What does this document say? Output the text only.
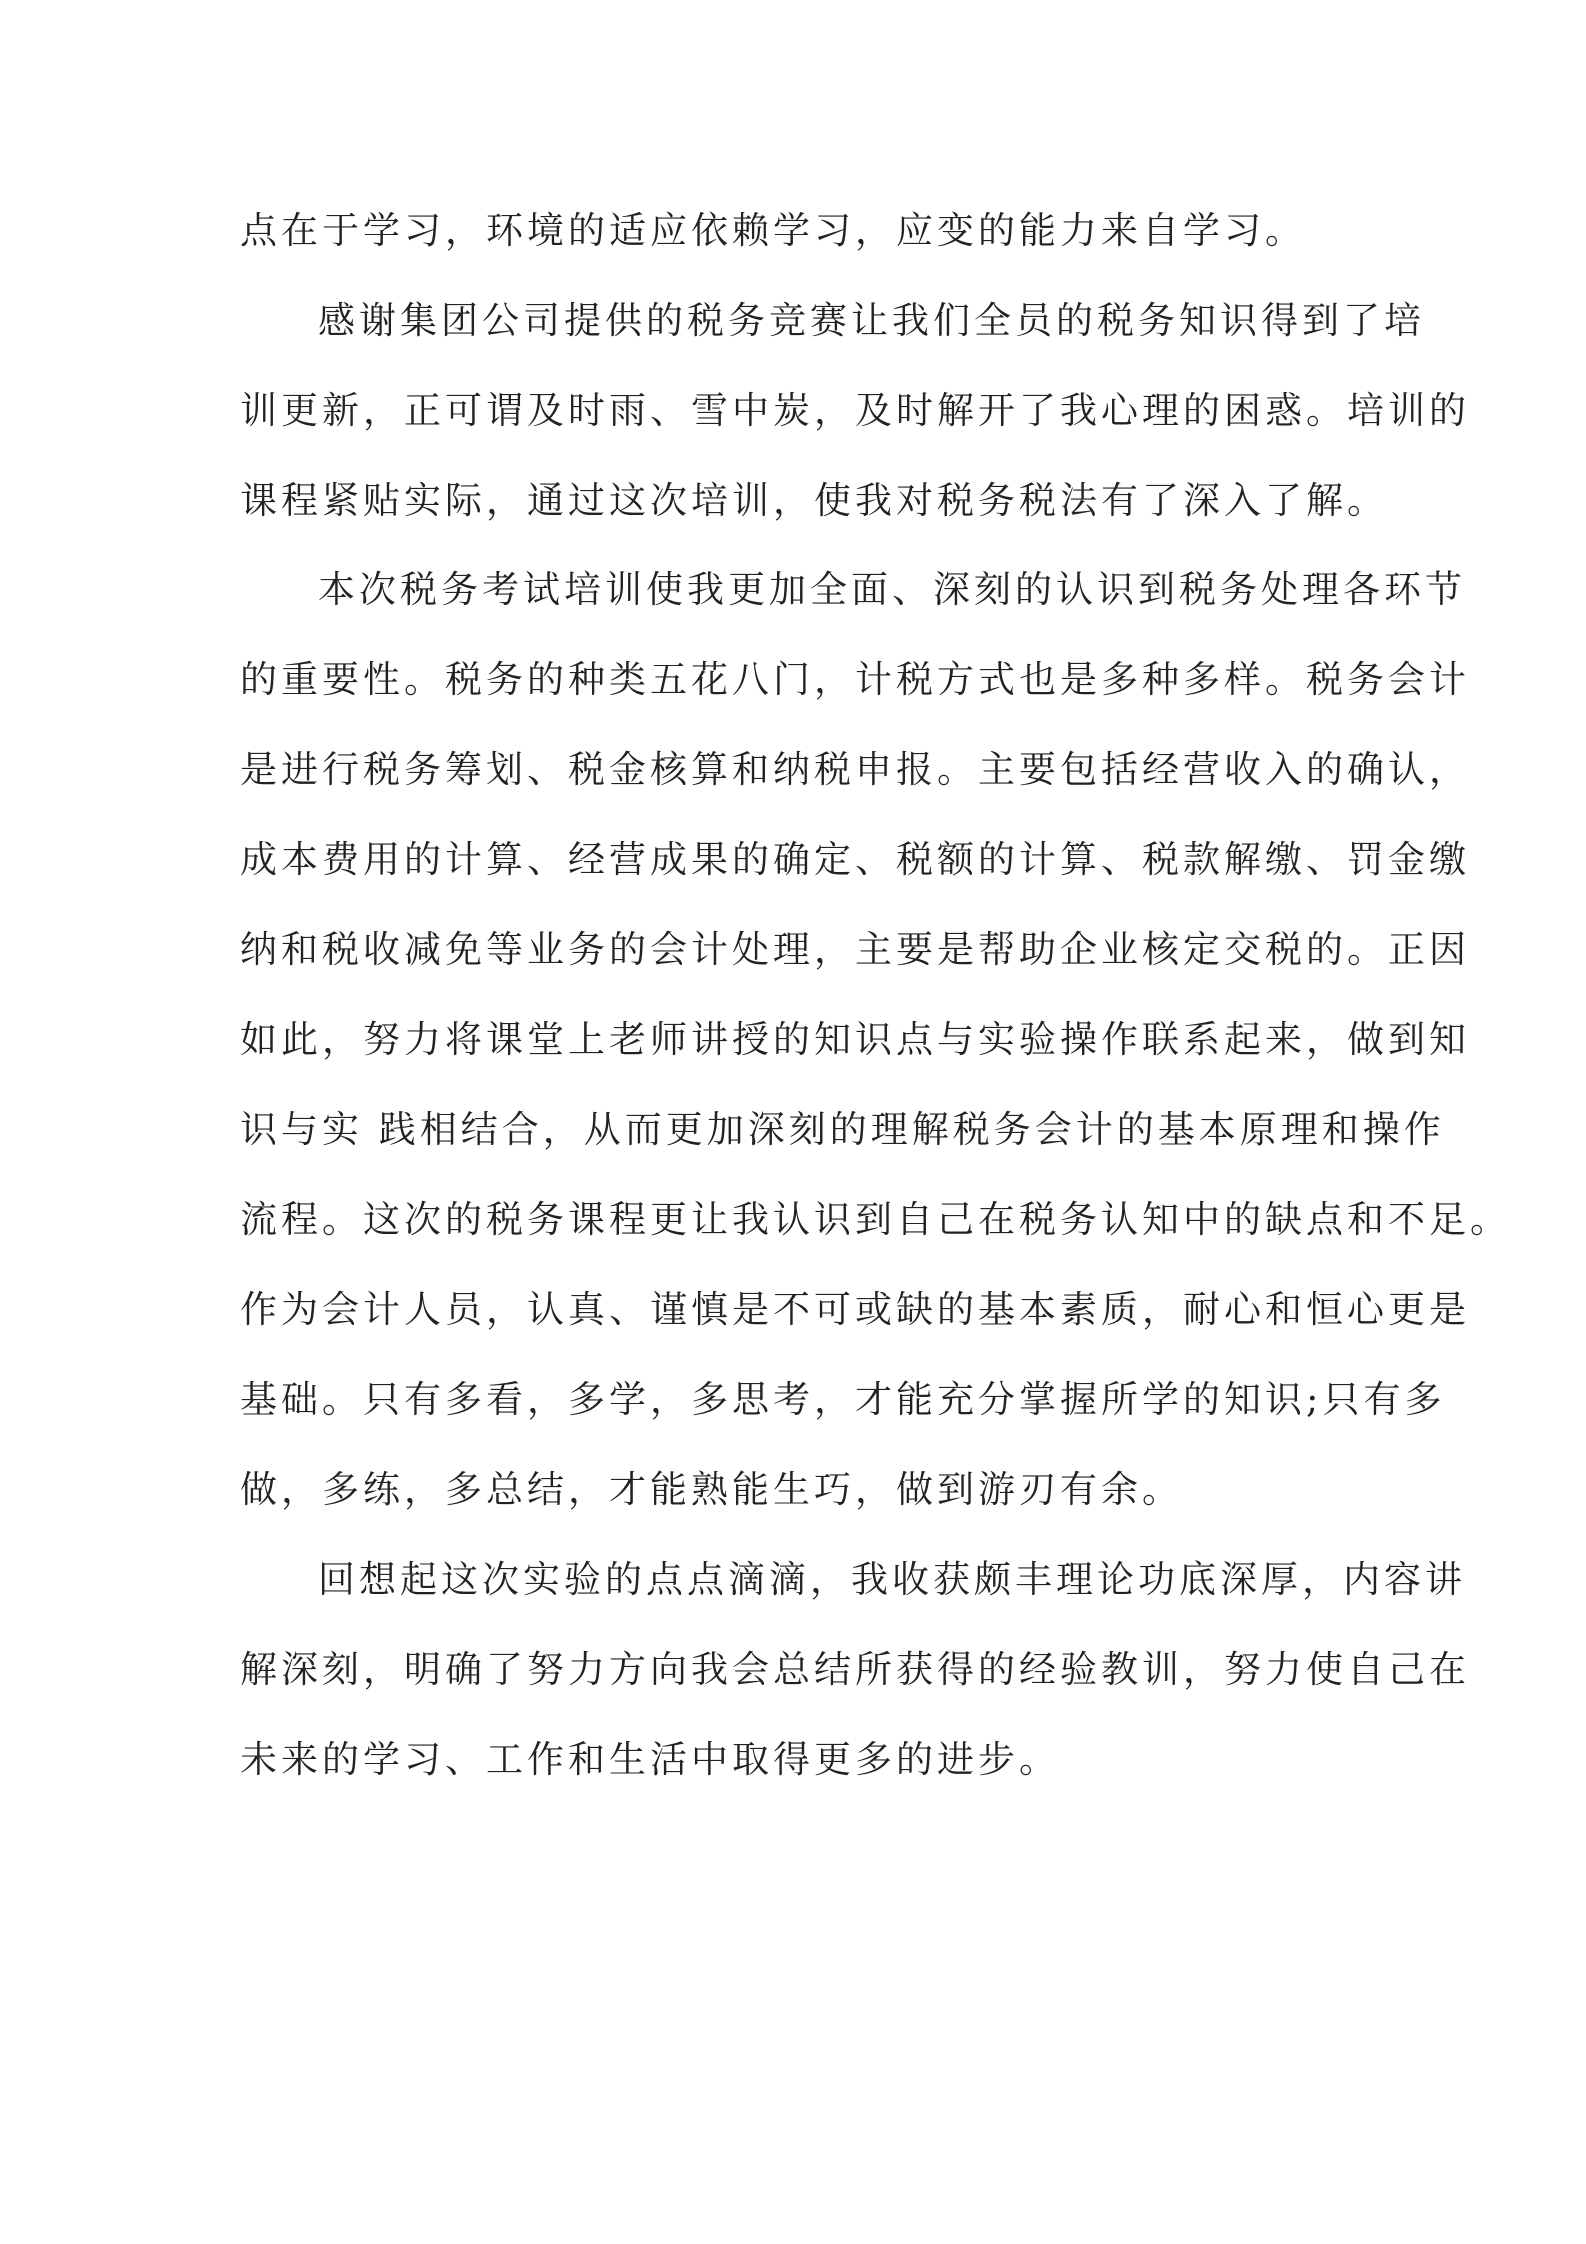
点在于学习，环境的适应依赖学习，应变的能力来自学习。

感谢集团公司提供的税务竞赛让我们全员的税务知识得到了培

训更新，正可谓及时雨、雪中炭，及时解开了我心理的困惑。培训的

课程紧贴实际，通过这次培训，使我对税务税法有了深入了解。

本次税务考试培训使我更加全面、深刻的认识到税务处理各环节

的重要性。税务的种类五花八门，计税方式也是多种多样。税务会计

是进行税务筹划、税金核算和纳税申报。主要包括经营收入的确认，

成本费用的计算、经营成果的确定、税额的计算、税款解缴、罚金缴

纳和税收减免等业务的会计处理，主要是帮助企业核定交税的。正因

如此，努力将课堂上老师讲授的知识点与实验操作联系起来，做到知

识与实 践相结合，从而更加深刻的理解税务会计的基本原理和操作

流程。这次的税务课程更让我认识到自己在税务认知中的缺点和不足。

作为会计人员，认真、谨慎是不可或缺的基本素质，耐心和恒心更是

基础。只有多看，多学，多思考，才能充分掌握所学的知识;只有多

做，多练，多总结，才能熟能生巧，做到游刃有余。

回想起这次实验的点点滴滴，我收获颇丰理论功底深厚，内容讲

解深刻，明确了努力方向我会总结所获得的经验教训，努力使自己在

未来的学习、工作和生活中取得更多的进步。
